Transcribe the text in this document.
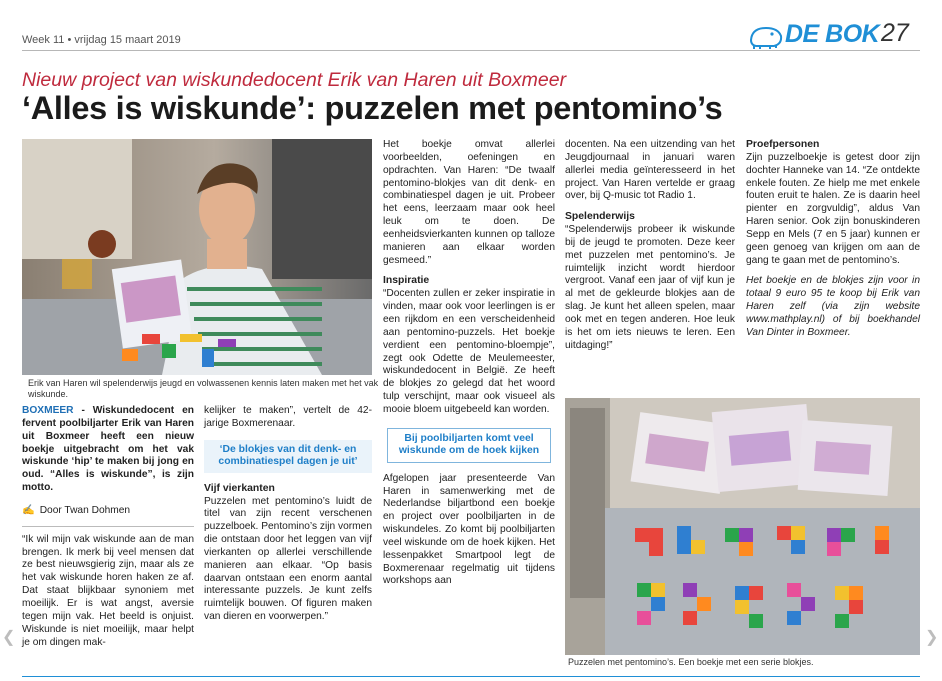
Week 11 • vrijdag 15 maart 2019	DE BOK 27
Nieuw project van wiskundedocent Erik van Haren uit Boxmeer
‘Alles is wiskunde’: puzzelen met pentomino’s
Erik van Haren wil spelenderwijs jeugd en volwassenen kennis laten maken met het vak wiskunde.

BOXMEER - Wiskundedocent en fervent poolbiljarter Erik van Haren uit Boxmeer heeft een nieuw boekje uitgebracht om het vak wiskunde ‘hip’ te maken bij jong en oud. “Alles is wiskunde”, is zijn motto.

✍ Door Twan Dohmen

“Ik wil mijn vak wiskunde aan de man brengen. Ik merk bij veel mensen dat ze best nieuwsgierig zijn, maar als ze het vak wiskunde horen haken ze af. Dat staat blijkbaar synoniem met moeilijk. Er is wat angst, aversie tegen mijn vak. Het beeld is onjuist. Wiskunde is niet moeilijk, maar helpt je om dingen mak-

kelijker te maken”, vertelt de 42-jarige Boxmerenaar.

‘De blokjes van dit denk- en combinatiespel dagen je uit’

Vijf vierkanten

Puzzelen met pentomino’s luidt de titel van zijn recent verschenen puzzelboek. Pentomino’s zijn vormen die ontstaan door het leggen van vijf vierkanten op allerlei verschillende manieren aan elkaar. “Op basis daarvan ontstaan een enorm aantal interessante puzzels. Je kunt zelfs ruimtelijk bouwen. Of figuren maken van dieren en voorwerpen.”

Het boekje omvat allerlei voorbeelden, oefeningen en opdrachten. Van Haren: “De twaalf pentomino-blokjes van dit denk- en combinatiespel dagen je uit. Probeer het eens, leerzaam maar ook heel leuk om te doen. De eenheidsvierkanten kunnen op talloze manieren aan elkaar worden gesmeed.”

Inspiratie

“Docenten zullen er zeker inspiratie in vinden, maar ook voor leerlingen is er een rijkdom en een verscheidenheid aan pentomino-puzzels. Het boekje verdient een pentomino-bloempje”, zegt ook Odette de Meulemeester, wiskundedocent in België. Ze heeft de blokjes zo gelegd dat het woord tulp verschijnt, maar ook visueel als mooie bloem uitgebeeld kan worden.

Bij poolbiljarten komt veel wiskunde om de hoek kijken

Afgelopen jaar presenteerde Van Haren in samenwerking met de Nederlandse biljartbond een boekje en project over poolbiljarten in de wiskundeles. Zo komt bij poolbiljarten veel wiskunde om de hoek kijken. Het lessenpakket Smartpool legt de Boxmerenaar regelmatig uit tijdens workshops aan

docenten. Na een uitzending van het Jeugdjournaal in januari waren allerlei media geïnteresseerd in het project. Van Haren vertelde er graag over, bij Q-music tot Radio 1.

Spelenderwijs

“Spelenderwijs probeer ik wiskunde bij de jeugd te promoten. Deze keer met puzzelen met pentomino’s. Je ruimtelijk inzicht wordt hierdoor vergroot. Vanaf een jaar of vijf kun je al met de gekleurde blokjes aan de slag. Je kunt het alleen spelen, maar ook met en tegen anderen. Hoe leuk is het om iets nieuws te leren. Een uitdaging!”

Proefpersonen

Zijn puzzelboekje is getest door zijn dochter Hanneke van 14. “Ze ontdekte enkele fouten. Ze hielp me met enkele fouten eruit te halen. Ze is daarin heel pienter en zorgvuldig”, aldus Van Haren senior. Ook zijn bonuskinderen Sepp en Mels (7 en 5 jaar) kunnen er geen genoeg van krijgen om aan de gang te gaan met de pentomino’s.

Het boekje en de blokjes zijn voor in totaal 9 euro 95 te koop bij Erik van Haren zelf (via zijn website www.mathplay.nl) of bij boekhandel Van Dinter in Boxmeer.

Puzzelen met pentomino’s. Een boekje met een serie blokjes.
❮	❯
